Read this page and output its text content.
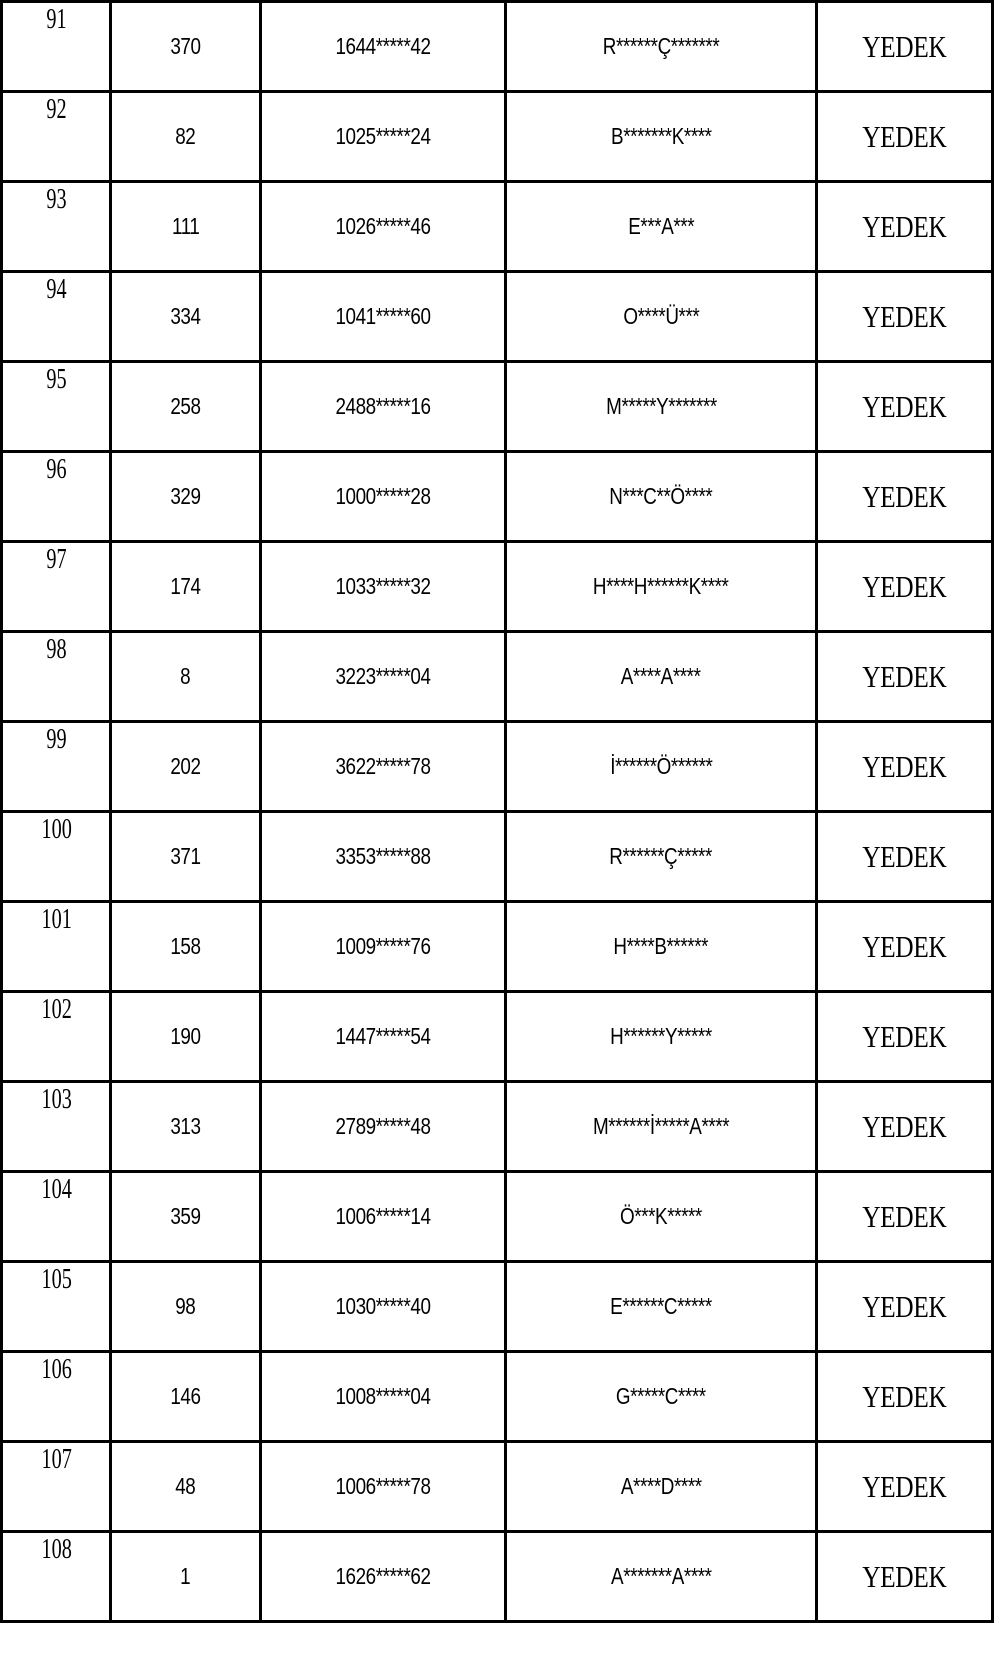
91	370	1644*****42	R******Ç*******	YEDEK
92	82	1025*****24	B*******K****	YEDEK
93	111	1026*****46	E***A***	YEDEK
94	334	1041*****60	O****Ü***	YEDEK
95	258	2488*****16	M*****Y*******	YEDEK
96	329	1000*****28	N***C**Ö****	YEDEK
97	174	1033*****32	H****H******K****	YEDEK
98	8	3223*****04	A****A****	YEDEK
99	202	3622*****78	İ******Ö******	YEDEK
100	371	3353*****88	R******Ç*****	YEDEK
101	158	1009*****76	H****B******	YEDEK
102	190	1447*****54	H******Y*****	YEDEK
103	313	2789*****48	M******İ*****A****	YEDEK
104	359	1006*****14	Ö***K*****	YEDEK
105	98	1030*****40	E******C*****	YEDEK
106	146	1008*****04	G*****C****	YEDEK
107	48	1006*****78	A****D****	YEDEK
108	1	1626*****62	A*******A****	YEDEK
